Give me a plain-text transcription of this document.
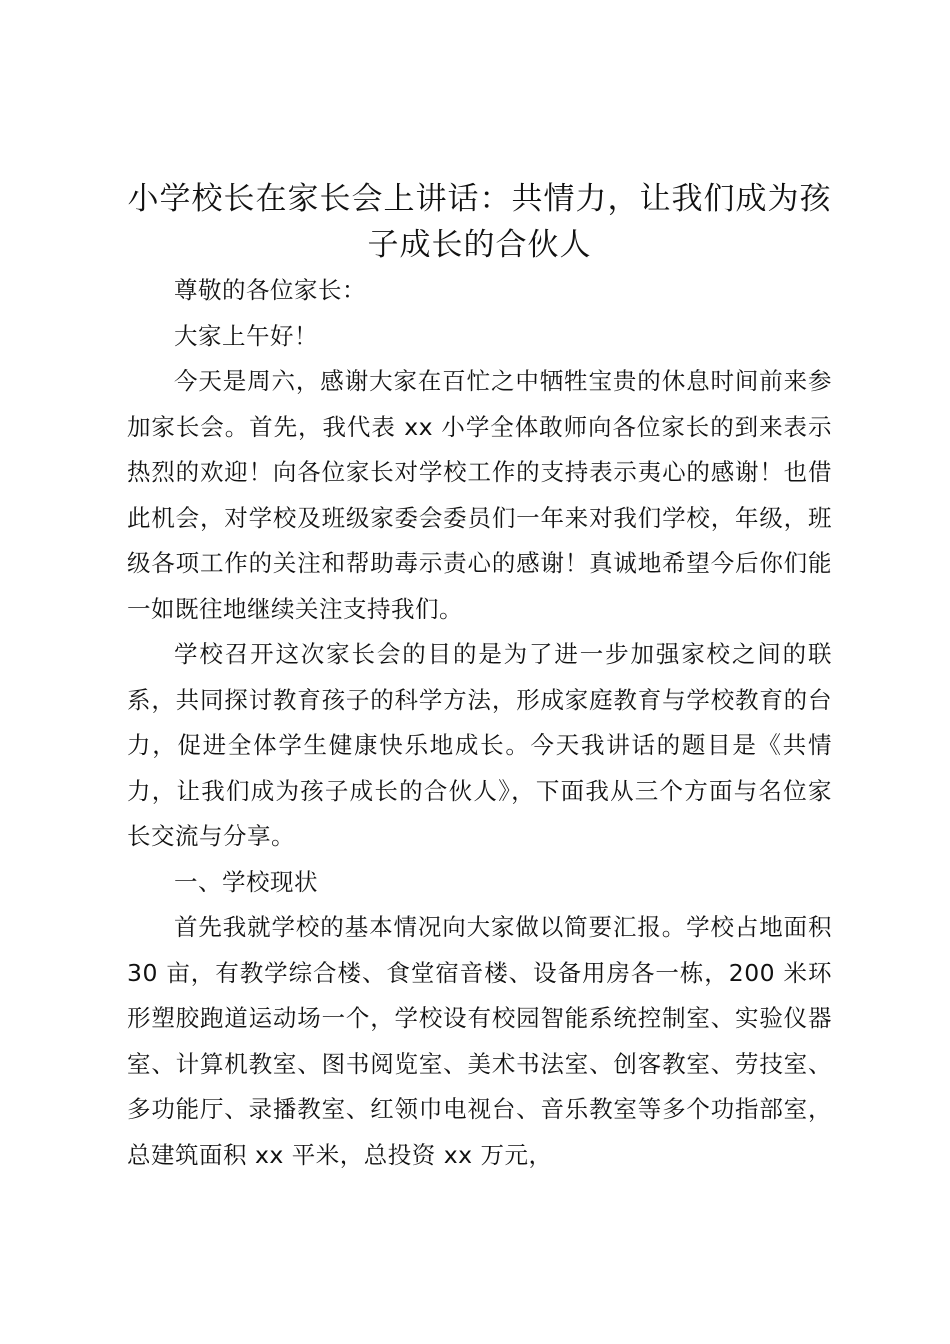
小学校长在家长会上讲话：共情力，让我们成为孩子成长的合伙人

尊敬的各位家长：

大家上午好！

今天是周六，感谢大家在百忙之中牺牲宝贵的休息时间前来参加家长会。首先，我代表 xx 小学全体敢师向各位家长的到来表示热烈的欢迎！向各位家长对学校工作的支持表示夷心的感谢！也借此机会，对学校及班级家委会委员们一年来对我们学校，年级，班级各项工作的关注和帮助毒示责心的感谢！真诚地希望今后你们能一如既往地继续关注支持我们。

学校召开这次家长会的目的是为了进一步加强家校之间的联系，共同探讨教育孩子的科学方法，形成家庭教育与学校教育的台力，促进全体学生健康快乐地成长。今天我讲话的题目是《共情力，让我们成为孩子成长的合伙人》，下面我从三个方面与名位家长交流与分享。

一、学校现状

首先我就学校的基本情况向大家做以简要汇报。学校占地面积 30 亩，有教学综合楼、食堂宿音楼、设备用房各一栋，200 米环形塑胶跑道运动场一个，学校设有校园智能系统控制室、实验仪器室、计算机教室、图书阅览室、美术书法室、创客教室、劳技室、多功能厅、录播教室、红领巾电视台、音乐教室等多个功指部室，总建筑面积 xx 平米，总投资 xx 万元，
